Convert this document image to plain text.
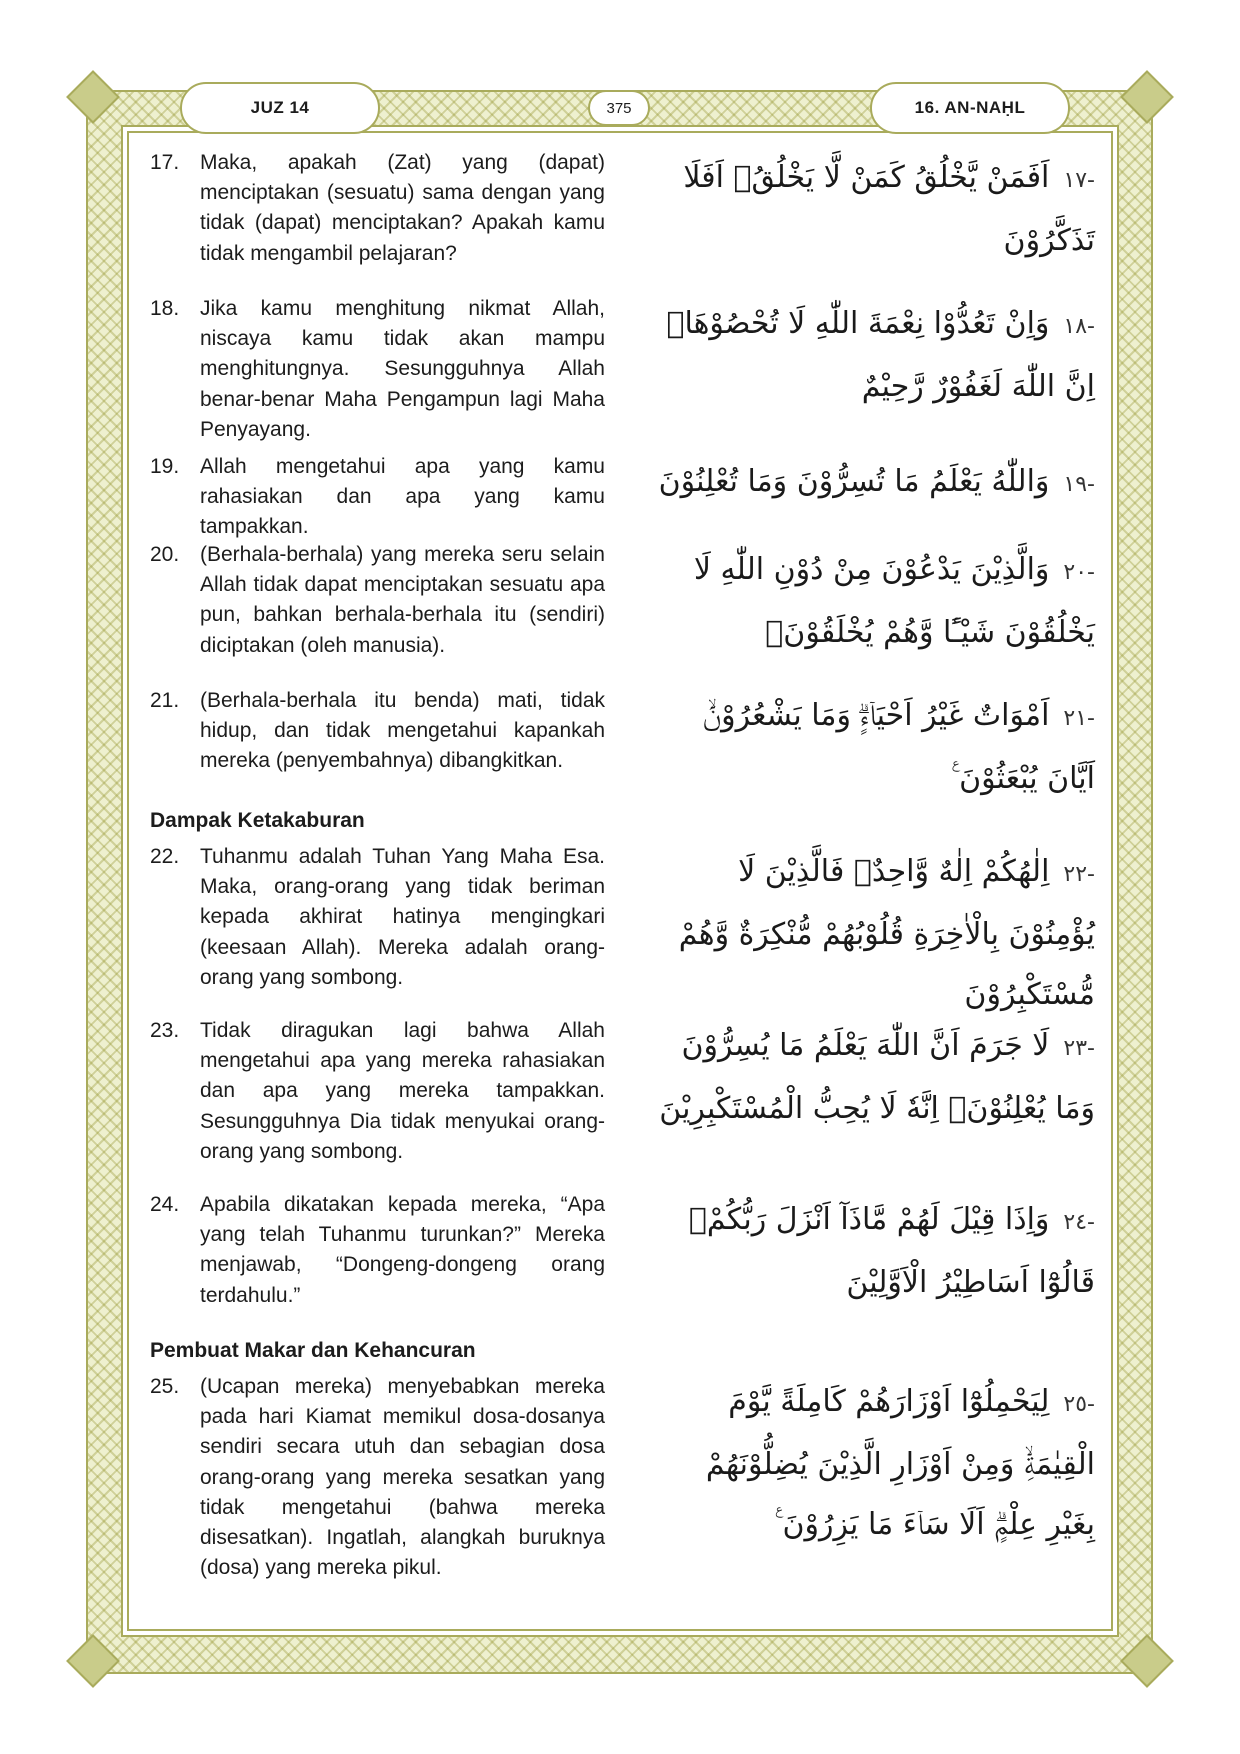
JUZ 14	375	16. AN-NAḤL
17. Maka, apakah (Zat) yang (dapat) menciptakan (sesuatu) sama dengan yang tidak (dapat) menciptakan? Apakah kamu tidak mengambil pelajaran?
-١٧اَفَمَنْ يَّخْلُقُ كَمَنْ لَّا يَخْلُقُۗ اَفَلَا تَذَكَّرُوْنَ
18. Jika kamu menghitung nikmat Allah, niscaya kamu tidak akan mampu menghitungnya. Sesungguhnya Allah benar-benar Maha Pengampun lagi Maha Penyayang.
-١٨وَاِنْ تَعُدُّوْا نِعْمَةَ اللّٰهِ لَا تُحْصُوْهَاۗ اِنَّ اللّٰهَ لَغَفُوْرٌ رَّحِيْمٌ
19. Allah mengetahui apa yang kamu rahasiakan dan apa yang kamu tampakkan.
-١٩وَاللّٰهُ يَعْلَمُ مَا تُسِرُّوْنَ وَمَا تُعْلِنُوْنَ
20. (Berhala-berhala) yang mereka seru selain Allah tidak dapat menciptakan sesuatu apa pun, bahkan berhala-berhala itu (sendiri) diciptakan (oleh manusia).
-٢٠وَالَّذِيْنَ يَدْعُوْنَ مِنْ دُوْنِ اللّٰهِ لَا يَخْلُقُوْنَ شَيْـًٔا وَّهُمْ يُخْلَقُوْنَۗ
21. (Berhala-berhala itu benda) mati, tidak hidup, dan tidak mengetahui kapankah mereka (penyembahnya) dibangkitkan.
-٢١اَمْوَاتٌ غَيْرُ اَحْيَاۤءٍۗ وَمَا يَشْعُرُوْنَۙ اَيَّانَ يُبْعَثُوْنَ ࣖ
Dampak Ketakaburan
22. Tuhanmu adalah Tuhan Yang Maha Esa. Maka, orang-orang yang tidak beriman kepada akhirat hatinya mengingkari (keesaan Allah). Mereka adalah orang-orang yang sombong.
-٢٢اِلٰهُكُمْ اِلٰهٌ وَّاحِدٌۚ فَالَّذِيْنَ لَا يُؤْمِنُوْنَ بِالْاٰخِرَةِ قُلُوْبُهُمْ مُّنْكِرَةٌ وَّهُمْ مُّسْتَكْبِرُوْنَ
23. Tidak diragukan lagi bahwa Allah mengetahui apa yang mereka rahasiakan dan apa yang mereka tampakkan. Sesungguhnya Dia tidak menyukai orang-orang yang sombong.
-٢٣لَا جَرَمَ اَنَّ اللّٰهَ يَعْلَمُ مَا يُسِرُّوْنَ وَمَا يُعْلِنُوْنَۗ اِنَّهٗ لَا يُحِبُّ الْمُسْتَكْبِرِيْنَ
24. Apabila dikatakan kepada mereka, “Apa yang telah Tuhanmu turunkan?” Mereka menjawab, “Dongeng-dongeng orang terdahulu.”
-٢٤وَاِذَا قِيْلَ لَهُمْ مَّاذَآ اَنْزَلَ رَبُّكُمْۙ قَالُوْٓا اَسَاطِيْرُ الْاَوَّلِيْنَ
Pembuat Makar dan Kehancuran
25. (Ucapan mereka) menyebabkan mereka pada hari Kiamat memikul dosa-dosanya sendiri secara utuh dan sebagian dosa orang-orang yang mereka sesatkan yang tidak mengetahui (bahwa mereka disesatkan). Ingatlah, alangkah buruknya (dosa) yang mereka pikul.
-٢٥لِيَحْمِلُوْٓا اَوْزَارَهُمْ كَامِلَةً يَّوْمَ الْقِيٰمَةِۙ وَمِنْ اَوْزَارِ الَّذِيْنَ يُضِلُّوْنَهُمْ بِغَيْرِ عِلْمٍۗ اَلَا سَاۤءَ مَا يَزِرُوْنَ ࣖ
